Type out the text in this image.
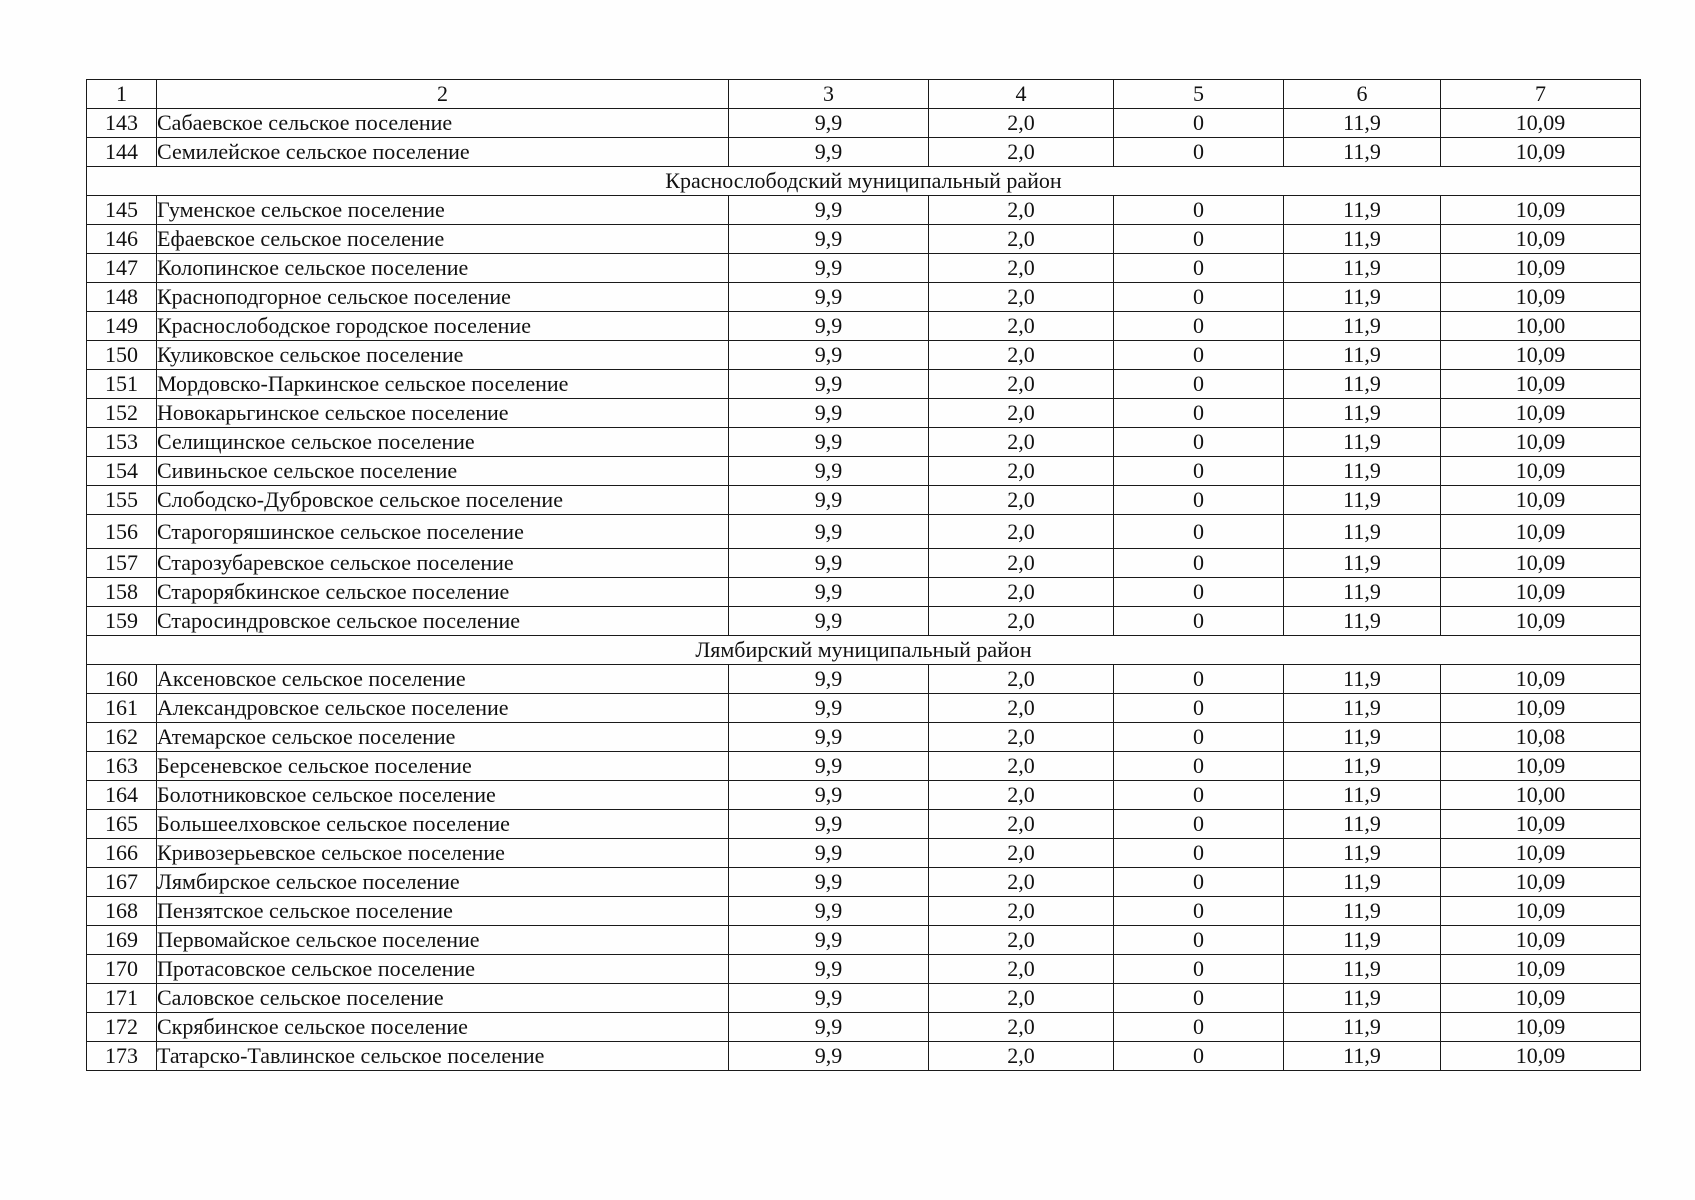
1	2	3	4	5	6	7
143	Сабаевское сельское поселение	9,9	2,0	0	11,9	10,09
144	Семилейское сельское поселение	9,9	2,0	0	11,9	10,09
Краснослободский муниципальный район						
145	Гуменское сельское поселение	9,9	2,0	0	11,9	10,09
146	Ефаевское сельское поселение	9,9	2,0	0	11,9	10,09
147	Колопинское сельское поселение	9,9	2,0	0	11,9	10,09
148	Красноподгорное сельское поселение	9,9	2,0	0	11,9	10,09
149	Краснослободское городское поселение	9,9	2,0	0	11,9	10,00
150	Куликовское сельское поселение	9,9	2,0	0	11,9	10,09
151	Мордовско-Паркинское сельское поселение	9,9	2,0	0	11,9	10,09
152	Новокарьгинское сельское поселение	9,9	2,0	0	11,9	10,09
153	Селищинское сельское поселение	9,9	2,0	0	11,9	10,09
154	Сивиньское сельское поселение	9,9	2,0	0	11,9	10,09
155	Слободско-Дубровское сельское поселение	9,9	2,0	0	11,9	10,09
156	Старогоряшинское сельское поселение	9,9	2,0	0	11,9	10,09
157	Старозубаревское сельское поселение	9,9	2,0	0	11,9	10,09
158	Старорябкинское сельское поселение	9,9	2,0	0	11,9	10,09
159	Старосиндровское сельское поселение	9,9	2,0	0	11,9	10,09
Лямбирский муниципальный район						
160	Аксеновское сельское поселение	9,9	2,0	0	11,9	10,09
161	Александровское сельское поселение	9,9	2,0	0	11,9	10,09
162	Атемарское сельское поселение	9,9	2,0	0	11,9	10,08
163	Берсеневское сельское поселение	9,9	2,0	0	11,9	10,09
164	Болотниковское сельское поселение	9,9	2,0	0	11,9	10,00
165	Большеелховское сельское поселение	9,9	2,0	0	11,9	10,09
166	Кривозерьевское сельское поселение	9,9	2,0	0	11,9	10,09
167	Лямбирское сельское поселение	9,9	2,0	0	11,9	10,09
168	Пензятское сельское поселение	9,9	2,0	0	11,9	10,09
169	Первомайское сельское поселение	9,9	2,0	0	11,9	10,09
170	Протасовское сельское поселение	9,9	2,0	0	11,9	10,09
171	Саловское сельское поселение	9,9	2,0	0	11,9	10,09
172	Скрябинское сельское поселение	9,9	2,0	0	11,9	10,09
173	Татарско-Тавлинское сельское поселение	9,9	2,0	0	11,9	10,09
